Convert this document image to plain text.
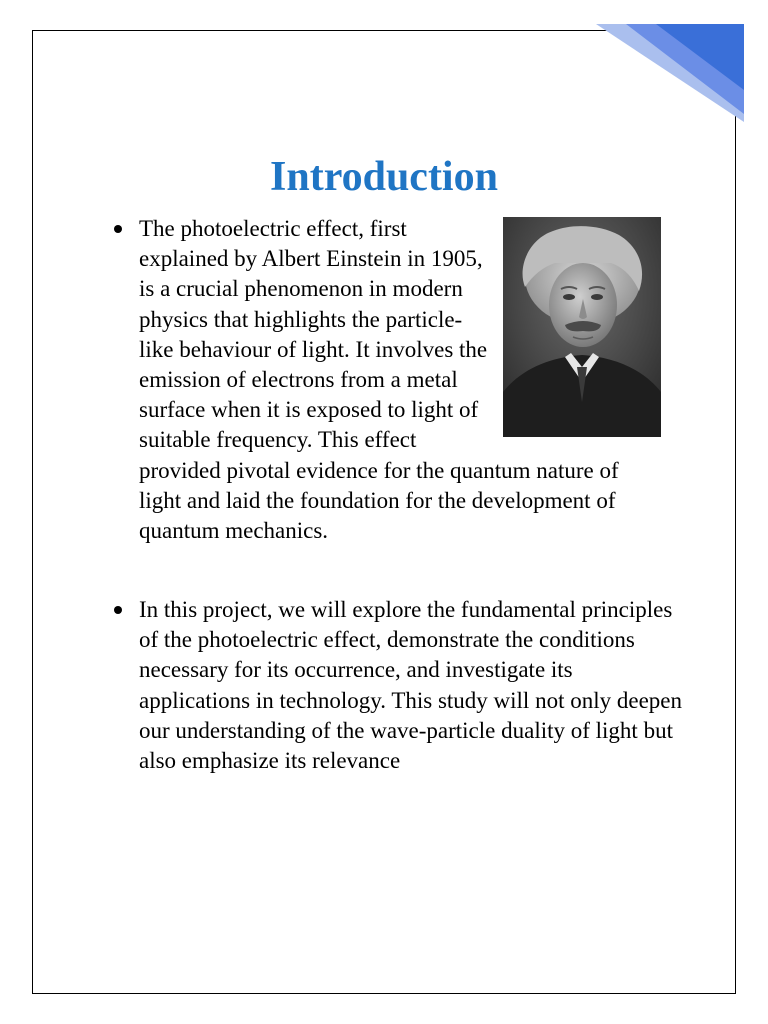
Introduction
The photoelectric effect, first explained by Albert Einstein in 1905, is a crucial phenomenon in modern physics that highlights the particle-like behaviour of light. It involves the emission of electrons from a metal surface when it is exposed to light of suitable frequency. This effect provided pivotal evidence for the quantum nature of light and laid the foundation for the development of quantum mechanics.
In this project, we will explore the fundamental principles of the photoelectric effect, demonstrate the conditions necessary for its occurrence, and investigate its applications in technology. This study will not only deepen our understanding of the wave-particle duality of light but also emphasize its relevance
